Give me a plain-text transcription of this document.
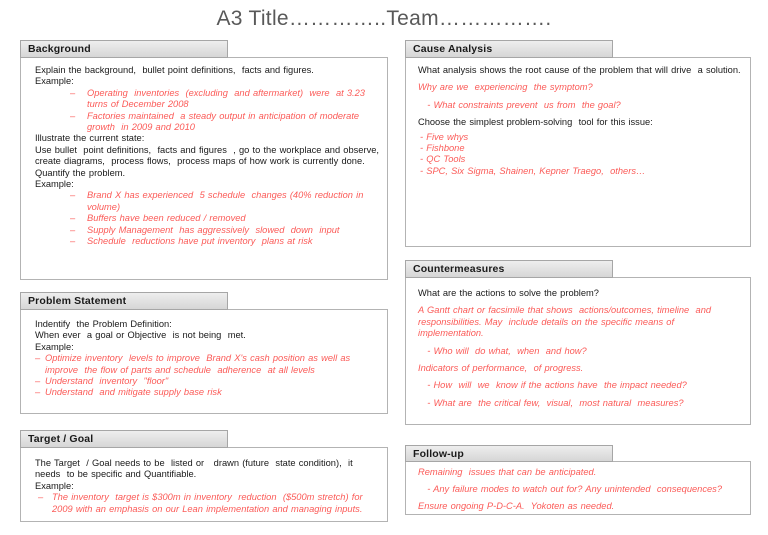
A3 Title…………..Team…………….
Background
Explain the background,  bullet point definitions,  facts and figures.
Example:
–	Operating  inventories  (excluding  and aftermarket)  were  at 3.23 turns of December 2008
–	Factories maintained  a steady output in anticipation of moderate  growth  in 2009 and 2010
Illustrate the current state:
Use bullet  point definitions,  facts and figures  , go to the workplace and observe,  create diagrams,  process flows,  process maps of how work is currently done.
Quantify the problem.
Example:
–	Brand X has experienced  5 schedule  changes (40% reduction in volume)
–	Buffers have been reduced / removed
–	Supply Management  has aggressively  slowed  down  input
–	Schedule  reductions have put inventory  plans at risk
Problem Statement
Indentify  the Problem Definition:
When ever  a goal or Objective  is not being  met.
Example:
– Optimize inventory  levels to improve  Brand X's cash position as well as improve  the flow of parts and schedule  adherence  at all levels
– Understand  inventory  "floor"
– Understand  and mitigate supply base risk
Target / Goal
The Target  / Goal needs to be  listed or   drawn (future  state condition),  it needs  to be specific and Quantifiable.
Example:
– The inventory  target is $300m in inventory  reduction  ($500m stretch) for 2009 with an emphasis on our Lean implementation and managing inputs.
Cause Analysis
What analysis shows the root cause of the problem that will drive  a solution.
Why are we  experiencing  the symptom?
- What constraints prevent  us from  the goal?
Choose the simplest problem-solving  tool for this issue:
- Five whys
- Fishbone
- QC Tools
- SPC, Six Sigma, Shainen, Kepner Traego,  others…
Countermeasures
What are the actions to solve the problem?
A Gantt chart or facsimile that shows  actions/outcomes, timeline  and responsibilities. May  include details on the specific means of implementation.
- Who will  do what,  when  and how?
Indicators of performance,  of progress.
- How  will  we  know if the actions have  the impact needed?
- What are  the critical few,  visual,  most natural  measures?
Follow-up
Remaining  issues that can be anticipated.
- Any failure modes to watch out for? Any unintended  consequences?
Ensure ongoing P-D-C-A.  Yokoten as needed.
